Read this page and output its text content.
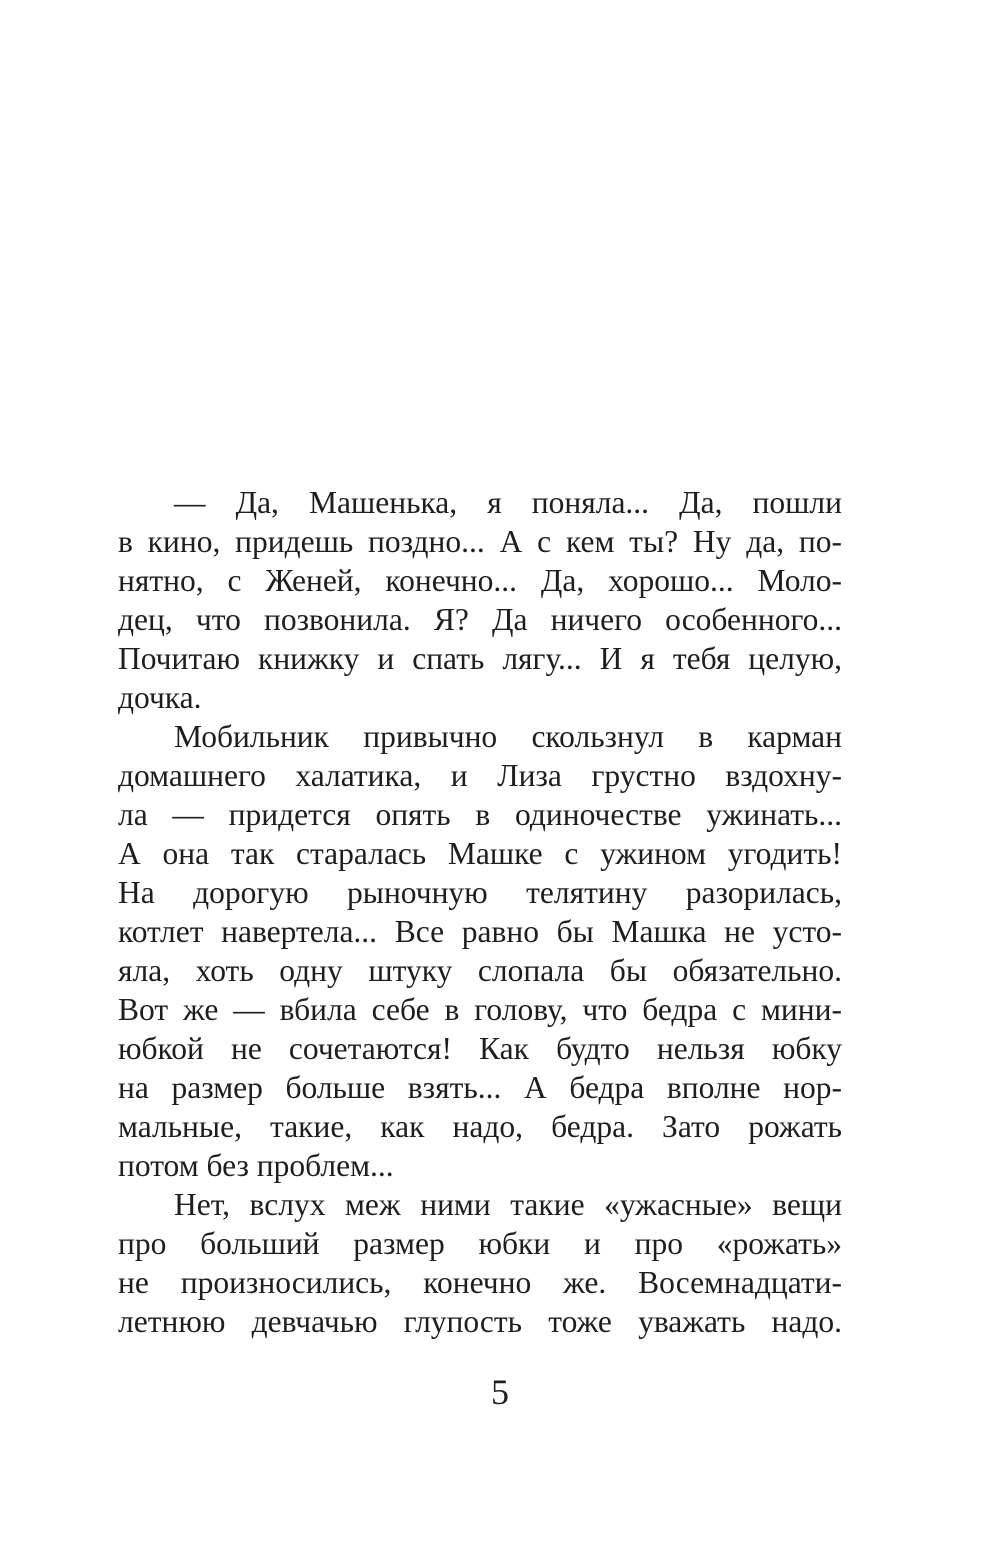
— Да, Машенька, я поняла... Да, пошли
в кино, придешь поздно... А с кем ты? Ну да, по-
нятно, с Женей, конечно... Да, хорошо... Моло-
дец, что позвонила. Я? Да ничего особенного...
Почитаю книжку и спать лягу... И я тебя целую,
дочка.
Мобильник привычно скользнул в карман
домашнего халатика, и Лиза грустно вздохну-
ла — придется опять в одиночестве ужинать...
А она так старалась Машке с ужином угодить!
На дорогую рыночную телятину разорилась,
котлет навертела... Все равно бы Машка не усто-
яла, хоть одну штуку слопала бы обязательно.
Вот же — вбила себе в голову, что бедра с мини-
юбкой не сочетаются! Как будто нельзя юбку
на размер больше взять... А бедра вполне нор-
мальные, такие, как надо, бедра. Зато рожать
потом без проблем...
Нет, вслух меж ними такие «ужасные» вещи
про больший размер юбки и про «рожать»
не произносились, конечно же. Восемнадцати-
летнюю девчачью глупость тоже уважать надо.
5
